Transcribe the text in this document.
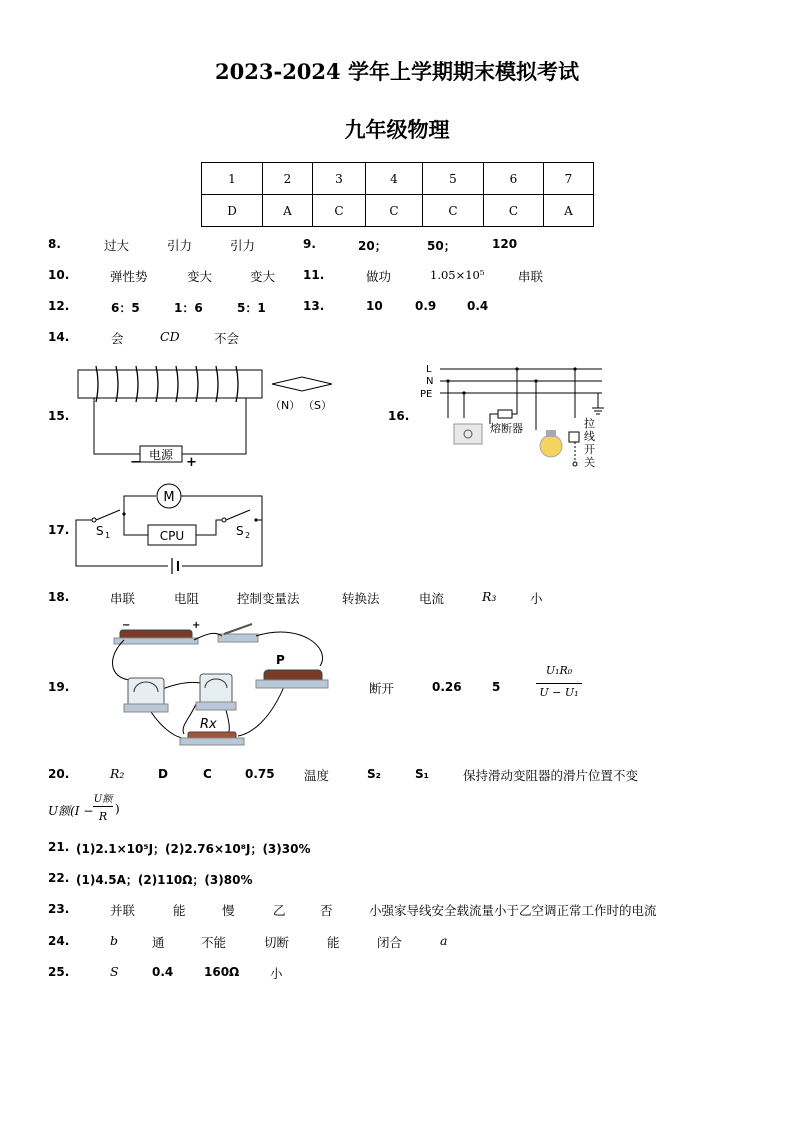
2023-2024 学年上学期期末模拟考试
九年级物理
1	2	3	4	5	6	7
D	A	C	C	C	C	A
8.	过大	引力	引力	9.	20；	50；	120
10.	弹性势	变大	变大 11.	做功	1.05×10⁵	串联
12.	6：5	1：6	5：1	13.	10	0.9	0.4
14.	会	CD	不会
15.
电源
−	+
（N） （S）
16.
L
N
PE
熔断器	拉
线
开
关
17.
M
CPU
S 1	S 2
18.	串联	电阻	控制变量法	转换法	电流	R₃	小
19.
−	+
P
Rx
断开	0.26	5
U₁R₀
U − U₁
20.	R₂	D	C	0.75 温度	S₂	S₁	保持滑动变阻器的滑片位置不变
U额(I −
U额
R
)
21. (1)2.1×10⁵J；(2)2.76×10⁸J；(3)30%
22. (1)4.5A；(2)110Ω；(3)80%
23.	并联	能	慢	乙	否	小强家导线安全载流量小于乙空调正常工作时的电流
24.	b	通	不能	切断	能	闭合	a
25.	S	0.4	160Ω 小
